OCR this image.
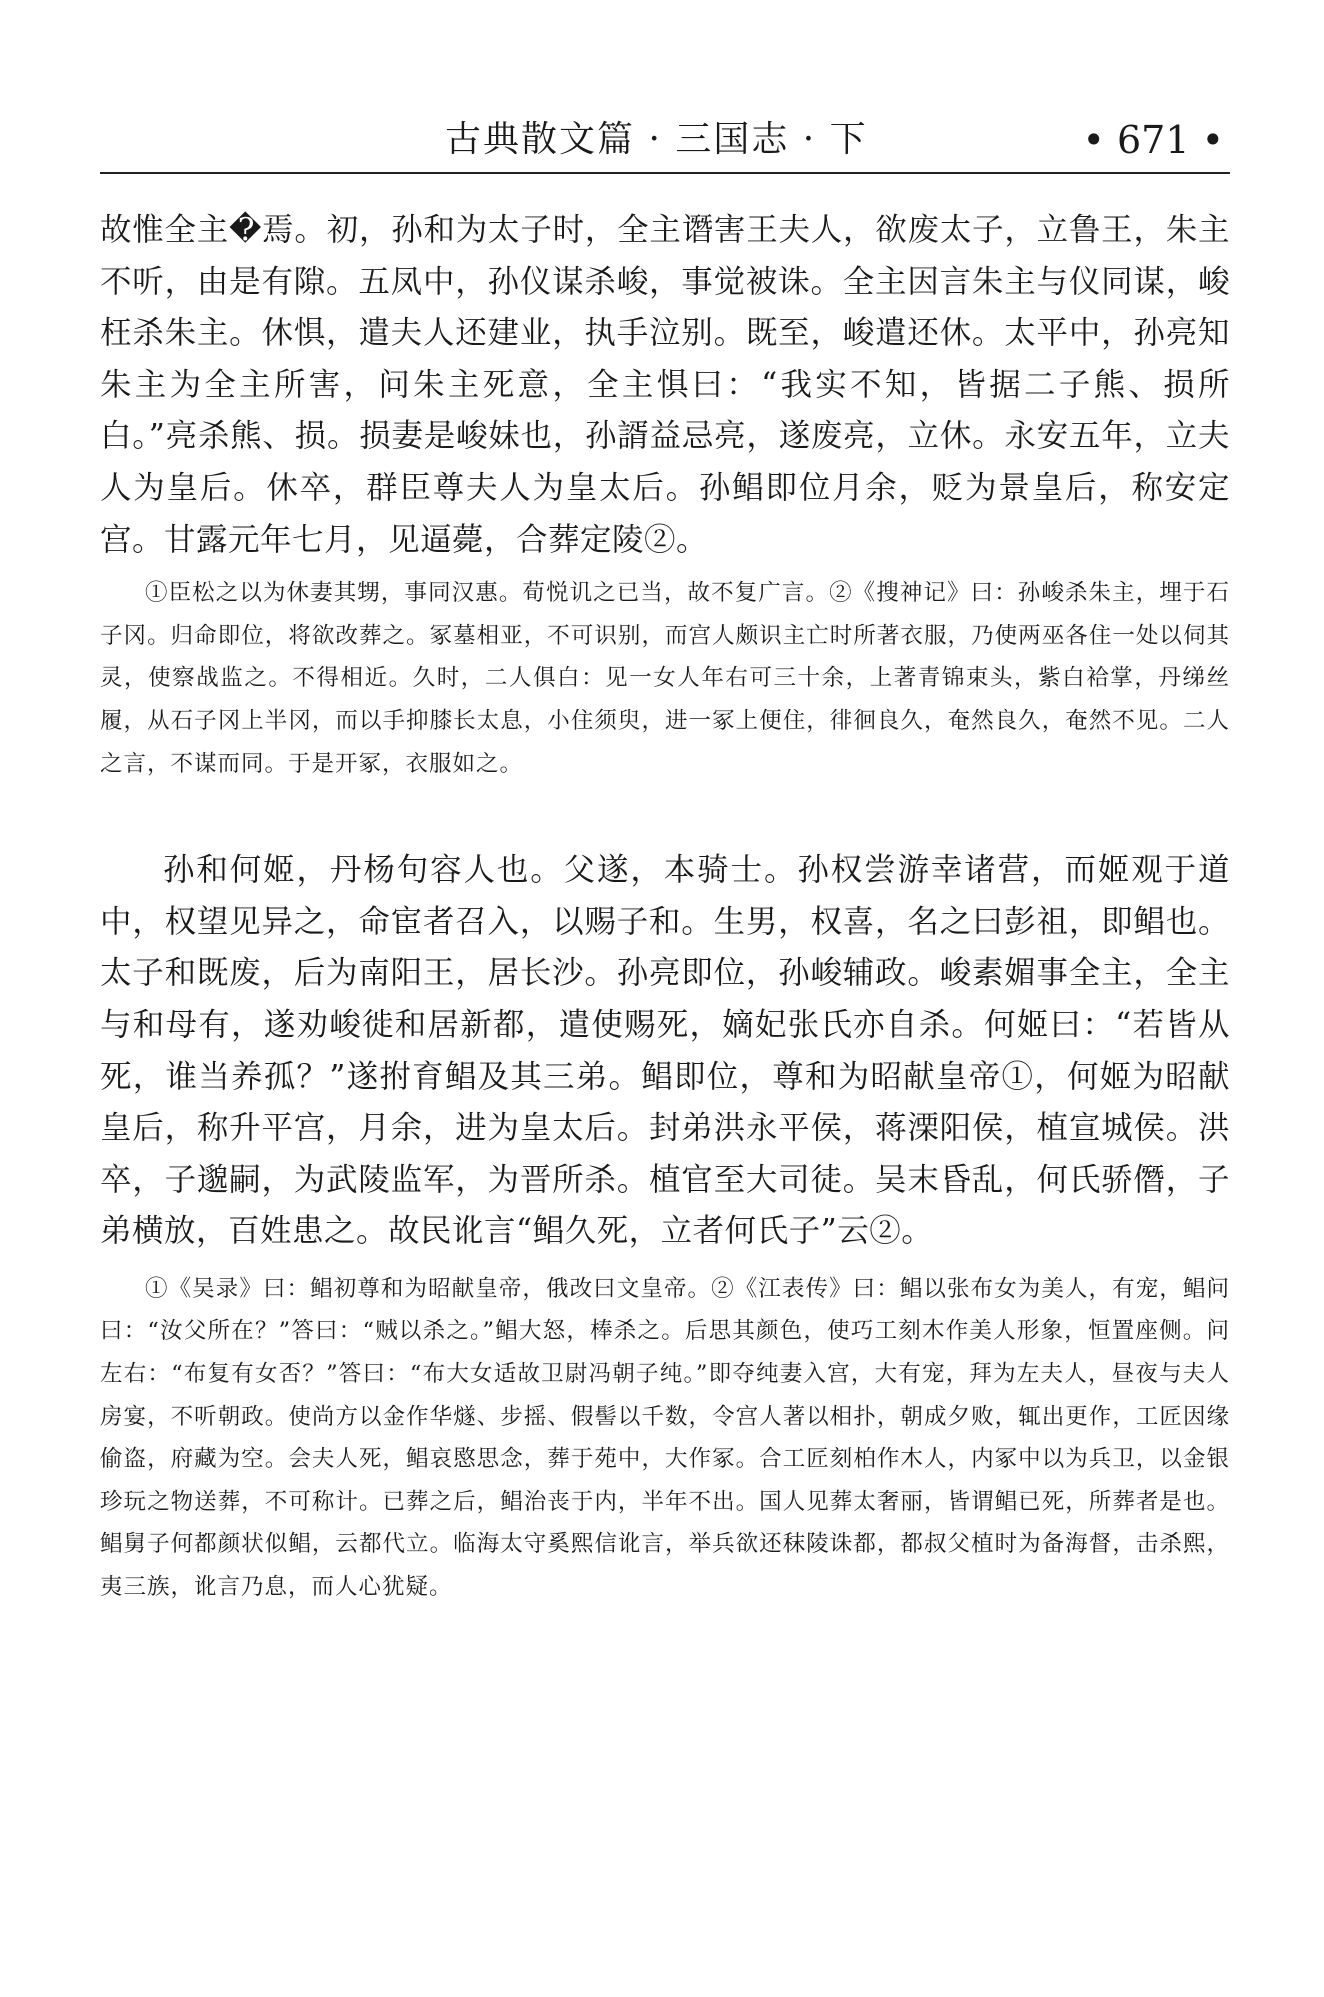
古典散文篇 · 三国志 · 下	• 671 •

故惟全主�焉。初，孙和为太子时，全主谮害王夫人，欲废太子，立鲁王，朱主不听，由是有隙。五凤中，孙仪谋杀峻，事觉被诛。全主因言朱主与仪同谋，峻枉杀朱主。休惧，遣夫人还建业，执手泣别。既至，峻遣还休。太平中，孙亮知朱主为全主所害，问朱主死意，全主惧曰：“我实不知，皆据二子熊、损所白。”亮杀熊、损。损妻是峻妹也，孙諝益忌亮，遂废亮，立休。永安五年，立夫人为皇后。休卒，群臣尊夫人为皇太后。孙鲳即位月余，贬为景皇后，称安定宫。甘露元年七月，见逼薨，合葬定陵②。

①臣松之以为休妻其甥，事同汉惠。荀悦讥之已当，故不复广言。②《搜神记》曰：孙峻杀朱主，埋于石子冈。归命即位，将欲改葬之。冢墓相亚，不可识别，而宫人颇识主亡时所著衣服，乃使两巫各住一处以伺其灵，使察战监之。不得相近。久时，二人俱白：见一女人年右可三十余，上著青锦束头，紫白袷掌，丹绨丝履，从石子冈上半冈，而以手抑膝长太息，小住须臾，进一冢上便住，徘徊良久，奄然良久，奄然不见。二人之言，不谋而同。于是开冢，衣服如之。

孙和何姬，丹杨句容人也。父遂，本骑士。孙权尝游幸诸营，而姬观于道中，权望见异之，命宦者召入，以赐子和。生男，权喜，名之曰彭祖，即鲳也。太子和既废，后为南阳王，居长沙。孙亮即位，孙峻辅政。峻素媚事全主，全主与和母有，遂劝峻徙和居新都，遣使赐死，嫡妃张氏亦自杀。何姬曰：“若皆从死，谁当养孤？”遂拊育鲳及其三弟。鲳即位，尊和为昭献皇帝①，何姬为昭献皇后，称升平宫，月余，进为皇太后。封弟洪永平侯，蒋溧阳侯，植宣城侯。洪卒，子邈嗣，为武陵监军，为晋所杀。植官至大司徒。吴末昏乱，何氏骄僭，子弟横放，百姓患之。故民讹言“鲳久死，立者何氏子”云②。

①《吴录》曰：鲳初尊和为昭献皇帝，俄改曰文皇帝。②《江表传》曰：鲳以张布女为美人，有宠，鲳问曰：“汝父所在？”答曰：“贼以杀之。”鲳大怒，棒杀之。后思其颜色，使巧工刻木作美人形象，恒置座侧。问左右：“布复有女否？”答曰：“布大女适故卫尉冯朝子纯。”即夺纯妻入宫，大有宠，拜为左夫人，昼夜与夫人房宴，不听朝政。使尚方以金作华燧、步摇、假髻以千数，令宫人著以相扑，朝成夕败，辄出更作，工匠因缘偷盗，府藏为空。会夫人死，鲳哀愍思念，葬于苑中，大作冢。合工匠刻柏作木人，内冢中以为兵卫，以金银珍玩之物送葬，不可称计。已葬之后，鲳治丧于内，半年不出。国人见葬太奢丽，皆谓鲳已死，所葬者是也。鲳舅子何都颜状似鲳，云都代立。临海太守奚熙信讹言，举兵欲还秣陵诛都，都叔父植时为备海督，击杀熙，夷三族，讹言乃息，而人心犹疑。
